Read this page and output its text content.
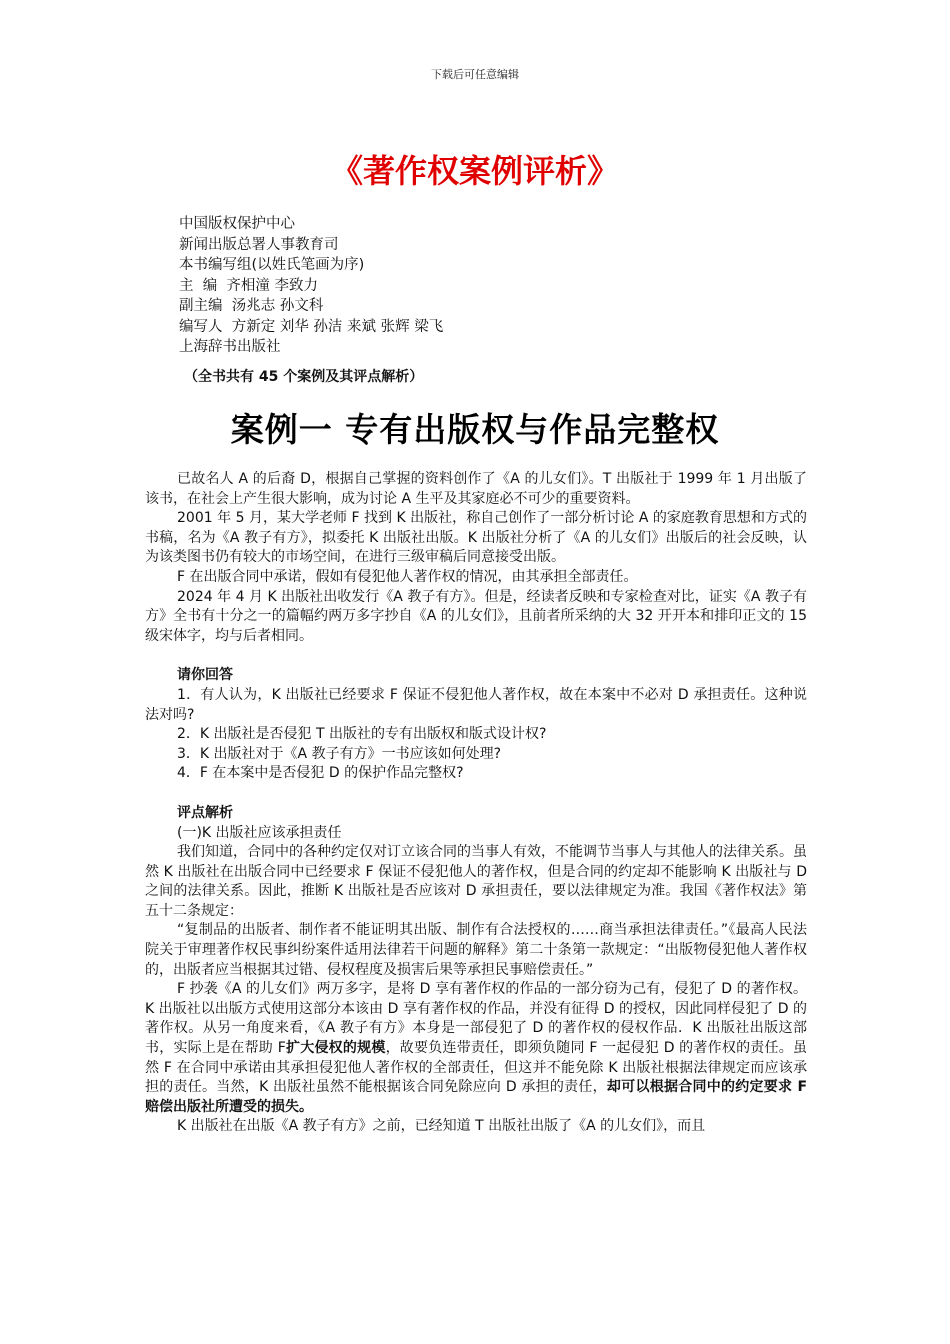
下载后可任意编辑
《著作权案例评析》
中国版权保护中心
新闻出版总署人事教育司
本书编写组(以姓氏笔画为序)
主  编  齐相潼 李致力
副主编  汤兆志 孙文科
编写人  方新定 刘华 孙洁 来斌 张辉 梁飞
上海辞书出版社
（全书共有 45 个案例及其评点解析）
案例一 专有出版权与作品完整权

已故名人 A 的后裔 D，根据自己掌握的资料创作了《A 的儿女们》。T 出版社于 1999 年 1 月出版了该书，在社会上产生很大影响，成为讨论 A 生平及其家庭必不可少的重要资料。

2001 年 5 月，某大学老师 F 找到 K 出版社，称自己创作了一部分析讨论 A 的家庭教育思想和方式的书稿，名为《A 教子有方》，拟委托 K 出版社出版。K 出版社分析了《A 的儿女们》出版后的社会反映，认为该类图书仍有较大的市场空间，在进行三级审稿后同意接受出版。

F 在出版合同中承诺，假如有侵犯他人著作权的情况，由其承担全部责任。

2024 年 4 月 K 出版社出收发行《A 教子有方》。但是，经读者反映和专家检查对比，证实《A 教子有方》全书有十分之一的篇幅约两万多字抄自《A 的儿女们》，且前者所采纳的大 32 开开本和排印正文的 15 级宋体字，均与后者相同。

请你回答

1．有人认为，K 出版社已经要求 F 保证不侵犯他人著作权，故在本案中不必对 D 承担责任。这种说法对吗?

2．K 出版社是否侵犯 T 出版社的专有出版权和版式设计权?

3．K 出版社对于《A 教子有方》一书应该如何处理?

4．F 在本案中是否侵犯 D 的保护作品完整权?

评点解析

(一)K 出版社应该承担责任

我们知道，合同中的各种约定仅对订立该合同的当事人有效，不能调节当事人与其他人的法律关系。虽然 K 出版社在出版合同中已经要求 F 保证不侵犯他人的著作权，但是合同的约定却不能影响 K 出版社与 D 之间的法律关系。因此，推断 K 出版社是否应该对 D 承担责任，要以法律规定为准。我国《著作权法》第五十二条规定：

“复制品的出版者、制作者不能证明其出版、制作有合法授权的……商当承担法律责任。”《最高人民法院关于审理著作权民事纠纷案件适用法律若干问题的解释》第二十条第一款规定：“出版物侵犯他人著作权的，出版者应当根据其过错、侵权程度及损害后果等承担民事赔偿责任。”

F 抄袭《A 的儿女们》两万多字，是将 D 享有著作权的作品的一部分窃为己有，侵犯了 D 的著作权。K 出版社以出版方式使用这部分本该由 D 享有著作权的作品，并没有征得 D 的授权，因此同样侵犯了 D 的著作权。从另一角度来看，《A 教子有方》本身是一部侵犯了 D 的著作权的侵权作品．K 出版社出版这部书，实际上是在帮助 F扩大侵权的规模，故要负连带责任，即须负随同 F 一起侵犯 D 的著作权的责任。虽然 F 在合同中承诺由其承担侵犯他人著作权的全部责任，但这并不能免除 K 出版社根据法律规定而应该承担的责任。当然，K 出版社虽然不能根据该合同免除应向 D 承担的责任，却可以根据合同中的约定要求 F 赔偿出版社所遭受的损失。

K 出版社在出版《A 教子有方》之前，已经知道 T 出版社出版了《A 的儿女们》，而且
